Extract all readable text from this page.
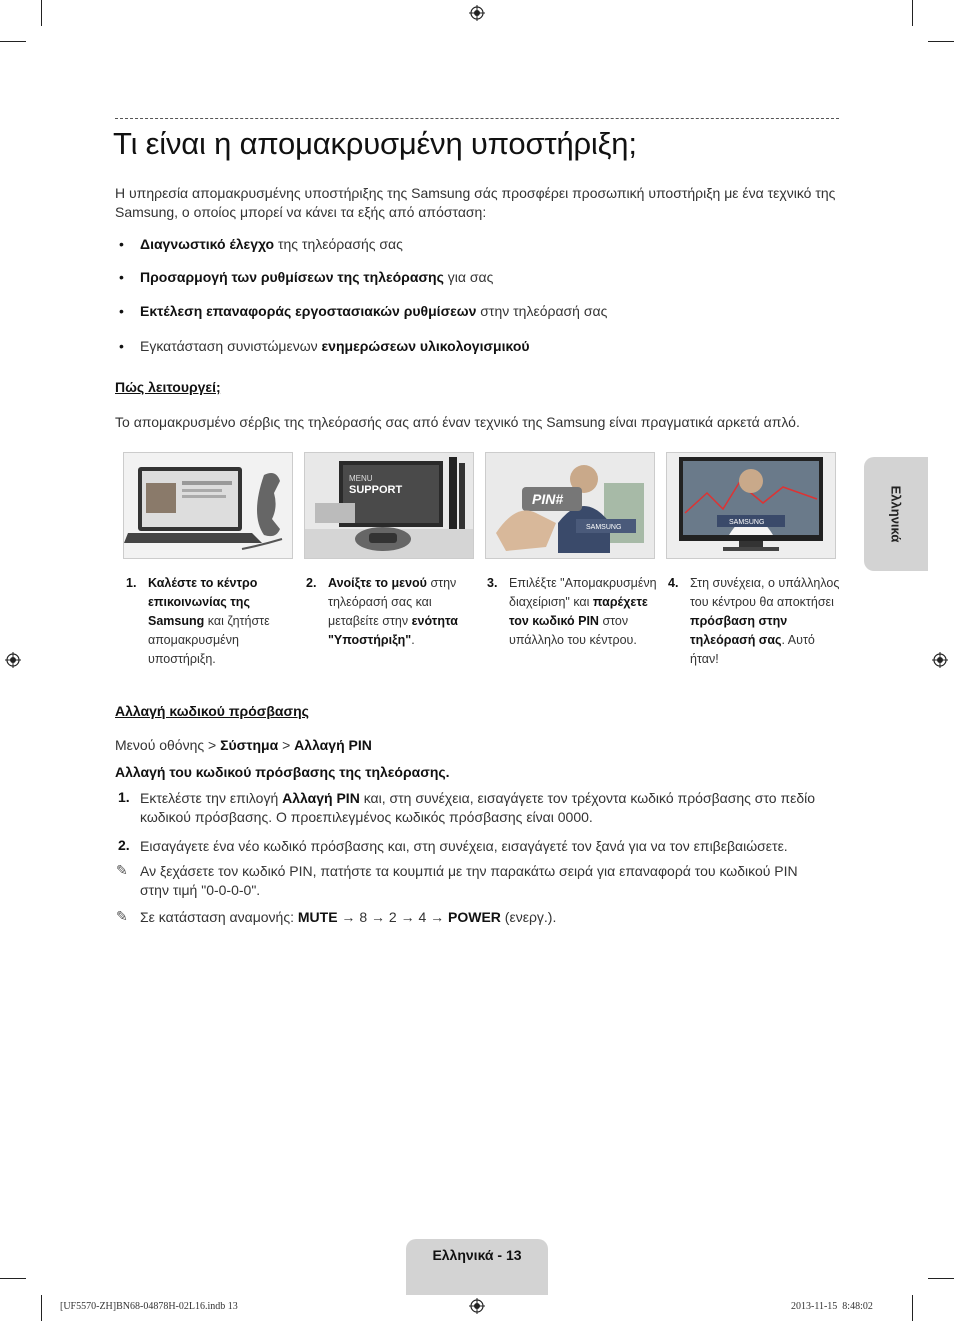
Τι είναι η απομακρυσμένη υποστήριξη;
Η υπηρεσία απομακρυσμένης υποστήριξης της Samsung σάς προσφέρει προσωπική υποστήριξη με ένα τεχνικό της Samsung, ο οποίος μπορεί να κάνει τα εξής από απόσταση:
• Διαγνωστικό έλεγχο της τηλεόρασής σας
• Προσαρμογή των ρυθμίσεων της τηλεόρασης για σας
• Εκτέλεση επαναφοράς εργοστασιακών ρυθμίσεων στην τηλεόρασή σας
• Εγκατάσταση συνιστώμενων ενημερώσεων υλικολογισμικού
Πώς λειτουργεί;
Το απομακρυσμένο σέρβις της τηλεόρασής σας από έναν τεχνικό της Samsung είναι πραγματικά αρκετά απλό.
MENU
SUPPORT
PIN#
SAMSUNG
SAMSUNG
1. Καλέστε το κέντρο
επικοινωνίας της
Samsung και ζητήστε
απομακρυσμένη
υποστήριξη.
2. Ανοίξτε το μενού στην
τηλεόρασή σας και
μεταβείτε στην ενότητα
"Υποστήριξη".
3. Επιλέξτε "Απομακρυσμένη
διαχείριση" και παρέχετε
τον κωδικό PIN στον
υπάλληλο του κέντρου.
4. Στη συνέχεια, ο υπάλληλος
του κέντρου θα αποκτήσει
πρόσβαση στην
τηλεόρασή σας. Αυτό
ήταν!
Αλλαγή κωδικού πρόσβασης
Μενού οθόνης > Σύστημα > Αλλαγή PIN
Αλλαγή του κωδικού πρόσβασης της τηλεόρασης.
1. Εκτελέστε την επιλογή Αλλαγή PIN και, στη συνέχεια, εισαγάγετε τον τρέχοντα κωδικό πρόσβασης στο πεδίο
κωδικού πρόσβασης. Ο προεπιλεγμένος κωδικός πρόσβασης είναι 0000.
2. Εισαγάγετε ένα νέο κωδικό πρόσβασης και, στη συνέχεια, εισαγάγετέ τον ξανά για να τον επιβεβαιώσετε.
✎ Αν ξεχάσετε τον κωδικό PIN, πατήστε τα κουμπιά με την παρακάτω σειρά για επαναφορά του κωδικού PIN
στην τιμή "0-0-0-0".
✎ Σε κατάσταση αναμονής: MUTE → 8 → 2 → 4 → POWER (ενεργ.).
Ελληνικά
Ελληνικά - 13
[UF5570-ZH]BN68-04878H-02L16.indb 13	2013-11-15 ​ 8:48:02
